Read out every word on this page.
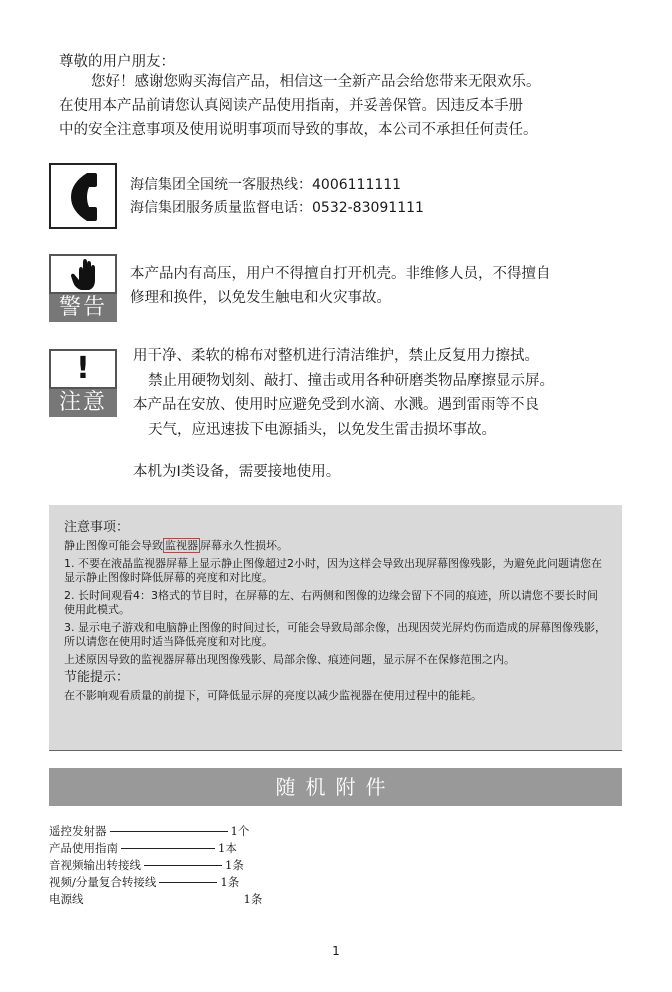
尊敬的用户朋友：
您好！感谢您购买海信产品，相信这一全新产品会给您带来无限欢乐。
在使用本产品前请您认真阅读产品使用指南，并妥善保管。因违反本手册
中的安全注意事项及使用说明事项而导致的事故，本公司不承担任何责任。
海信集团全国统一客服热线：4006111111
海信集团服务质量监督电话：0532-83091111
警告
本产品内有高压，用户不得擅自打开机壳。非维修人员，不得擅自
修理和换件，以免发生触电和火灾事故。
!
注意
用干净、柔软的棉布对整机进行清洁维护，禁止反复用力擦拭。
禁止用硬物划刻、敲打、撞击或用各种研磨类物品摩擦显示屏。
本产品在安放、使用时应避免受到水滴、水溅。遇到雷雨等不良
天气，应迅速拔下电源插头，以免发生雷击损坏事故。
本机为Ⅰ类设备，需要接地使用。
注意事项：

静止图像可能会导致 监视器 屏幕永久性损坏。

1. 不要在液晶监视器屏幕上显示静止图像超过2小时，因为这样会导致出现屏幕图像残影，为避免此问题请您在显示静止图像时降低屏幕的亮度和对比度。

2. 长时间观看4：3格式的节目时，在屏幕的左、右两侧和图像的边缘会留下不同的痕迹，所以请您不要长时间使用此模式。

3. 显示电子游戏和电脑静止图像的时间过长，可能会导致局部余像，出现因荧光屏灼伤而造成的屏幕图像残影，所以请您在使用时适当降低亮度和对比度。

上述原因导致的监视器屏幕出现图像残影、局部余像、痕迹问题，显示屏不在保修范围之内。

节能提示：

在不影响观看质量的前提下，可降低显示屏的亮度以减少监视器在使用过程中的能耗。

随机附件
遥控发射器	1个
产品使用指南	1本
音视频输出转接线	1条
视频/分量复合转接线	1条
电源线	1条
1
